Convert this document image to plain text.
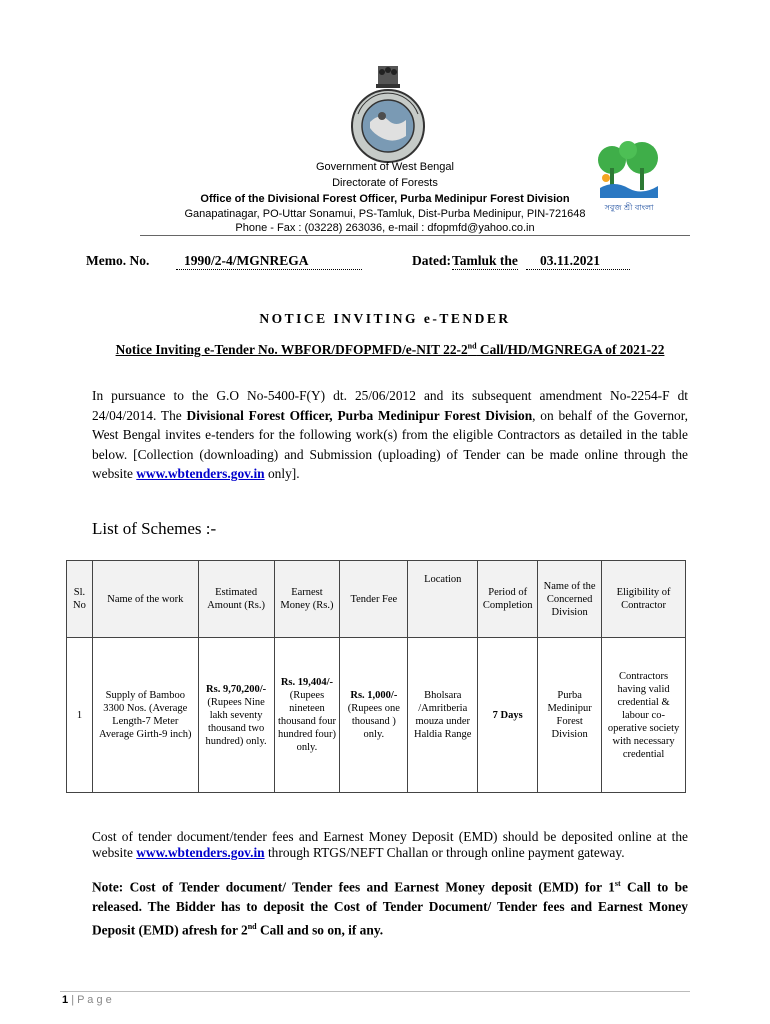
সবুজ শ্রী বাংলা
Government of West Bengal
Directorate of Forests
Office of the Divisional Forest Officer, Purba Medinipur Forest Division
Ganapatinagar, PO-Uttar Sonamui, PS-Tamluk, Dist-Purba Medinipur, PIN-721648
Phone - Fax : (03228) 263036, e-mail : dfopmfd@yahoo.co.in
Memo. No.	1990/2-4/MGNREGA	Dated: Tamluk the	03.11.2021
NOTICE INVITING e-TENDER
Notice Inviting e-Tender No. WBFOR/DFOPMFD/e-NIT 22-2nd Call/HD/MGNREGA of 2021-22
In pursuance to the G.O No-5400-F(Y) dt. 25/06/2012 and its subsequent amendment No-2254-F dt 24/04/2014. The Divisional Forest Officer, Purba Medinipur Forest Division, on behalf of the Governor, West Bengal invites e-tenders for the following work(s) from the eligible Contractors as detailed in the table below. [Collection (downloading) and Submission (uploading) of Tender can be made online through the website www.wbtenders.gov.in only].
List of Schemes :-
Sl. No	Name of the work	Estimated Amount (Rs.)	Earnest Money (Rs.)	Tender Fee	Location	Period of Completion	Name of the Concerned Division	Eligibility of Contractor
1	Supply of Bamboo 3300 Nos. (Average Length-7 Meter Average Girth-9 inch)	Rs. 9,70,200/-
(Rupees Nine lakh seventy thousand two hundred) only.	Rs. 19,404/-
(Rupees nineteen thousand four hundred four) only.	Rs. 1,000/-
(Rupees one thousand ) only.	Bholsara /Amritberia mouza under Haldia Range	7 Days	Purba Medinipur Forest Division	Contractors having valid credential & labour co-operative society with necessary credential
Cost of tender document/tender fees and Earnest Money Deposit (EMD) should be deposited online at the website www.wbtenders.gov.in through RTGS/NEFT Challan or through online payment gateway.
Note: Cost of Tender document/ Tender fees and Earnest Money deposit (EMD) for 1st Call to be released. The Bidder has to deposit the Cost of Tender Document/ Tender fees and Earnest Money Deposit (EMD) afresh for 2nd Call and so on, if any.
1 | P a g e
